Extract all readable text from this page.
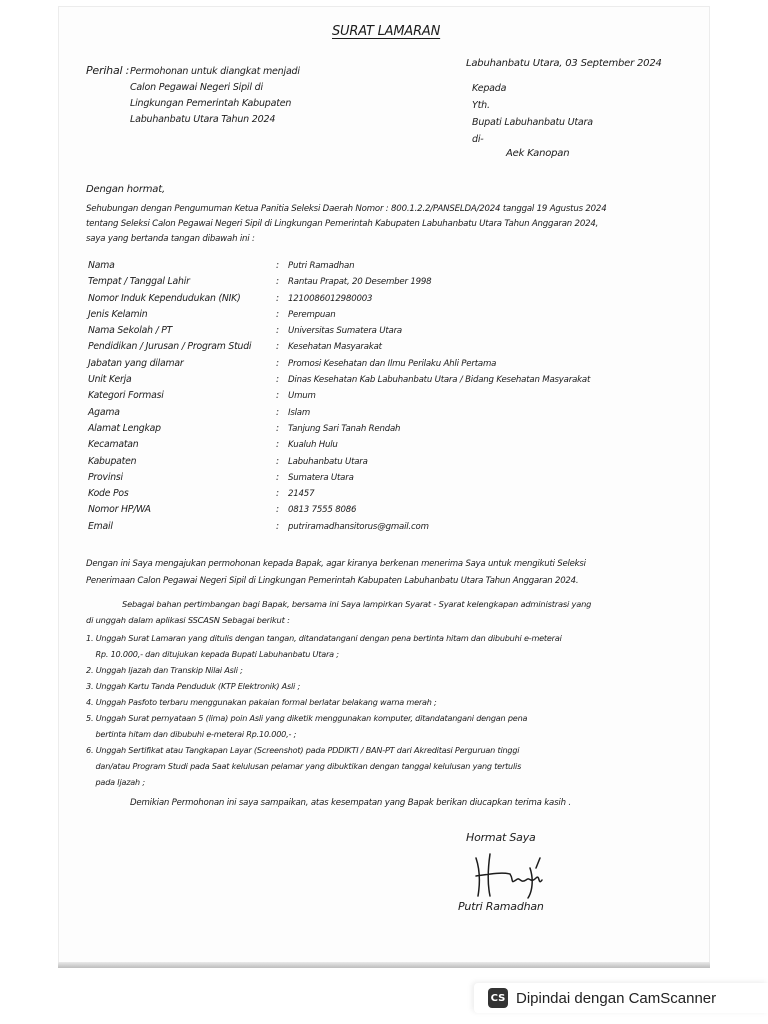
SURAT LAMARAN
Perihal : Permohonan untuk diangkat menjadi
Calon Pegawai Negeri Sipil di
Lingkungan Pemerintah Kabupaten
Labuhanbatu Utara Tahun 2024
Labuhanbatu Utara, 03 September 2024
Kepada
Yth.
Bupati Labuhanbatu Utara
di-
Aek Kanopan
Dengan hormat,
Sehubungan dengan Pengumuman Ketua Panitia Seleksi Daerah Nomor : 800.1.2.2/PANSELDA/2024 tanggal 19 Agustus 2024
tentang Seleksi Calon Pegawai Negeri Sipil di Lingkungan Pemerintah Kabupaten Labuhanbatu Utara Tahun Anggaran 2024,
saya yang bertanda tangan dibawah ini :
Nama	: Putri Ramadhan
Tempat / Tanggal Lahir	: Rantau Prapat, 20 Desember 1998
Nomor Induk Kependudukan (NIK)	: 1210086012980003
Jenis Kelamin	: Perempuan
Nama Sekolah / PT	: Universitas Sumatera Utara
Pendidikan / Jurusan / Program Studi	: Kesehatan Masyarakat
Jabatan yang dilamar	: Promosi Kesehatan dan Ilmu Perilaku Ahli Pertama
Unit Kerja	: Dinas Kesehatan Kab Labuhanbatu Utara / Bidang Kesehatan Masyarakat
Kategori Formasi	: Umum
Agama	: Islam
Alamat Lengkap	: Tanjung Sari Tanah Rendah
Kecamatan	: Kualuh Hulu
Kabupaten	: Labuhanbatu Utara
Provinsi	: Sumatera Utara
Kode Pos	: 21457
Nomor HP/WA	: 0813 7555 8086
Email	: putriramadhansitorus@gmail.com
Dengan ini Saya mengajukan permohonan kepada Bapak, agar kiranya berkenan menerima Saya untuk mengikuti Seleksi
Penerimaan Calon Pegawai Negeri Sipil di Lingkungan Pemerintah Kabupaten Labuhanbatu Utara Tahun Anggaran 2024.
Sebagai bahan pertimbangan bagi Bapak, bersama ini Saya lampirkan Syarat - Syarat kelengkapan administrasi yang
di unggah dalam aplikasi SSCASN Sebagai berikut :
1. Unggah Surat Lamaran yang ditulis dengan tangan, ditandatangani dengan pena bertinta hitam dan dibubuhi e-meterai
Rp. 10.000,- dan ditujukan kepada Bupati Labuhanbatu Utara ;
2. Unggah Ijazah dan Transkip Nilai Asli ;
3. Unggah Kartu Tanda Penduduk (KTP Elektronik) Asli ;
4. Unggah Pasfoto terbaru menggunakan pakaian formal berlatar belakang warna merah ;
5. Unggah Surat pernyataan 5 (lima) poin Asli yang diketik menggunakan komputer, ditandatangani dengan pena
bertinta hitam dan dibubuhi e-meterai Rp.10.000,- ;
6. Unggah Sertifikat atau Tangkapan Layar (Screenshot) pada PDDIKTI / BAN-PT dari Akreditasi Perguruan tinggi
dan/atau Program Studi pada Saat kelulusan pelamar yang dibuktikan dengan tanggal kelulusan yang tertulis
pada Ijazah ;
Demikian Permohonan ini saya sampaikan, atas kesempatan yang Bapak berikan diucapkan terima kasih .
Hormat Saya
Putri Ramadhan
CS Dipindai dengan CamScanner
